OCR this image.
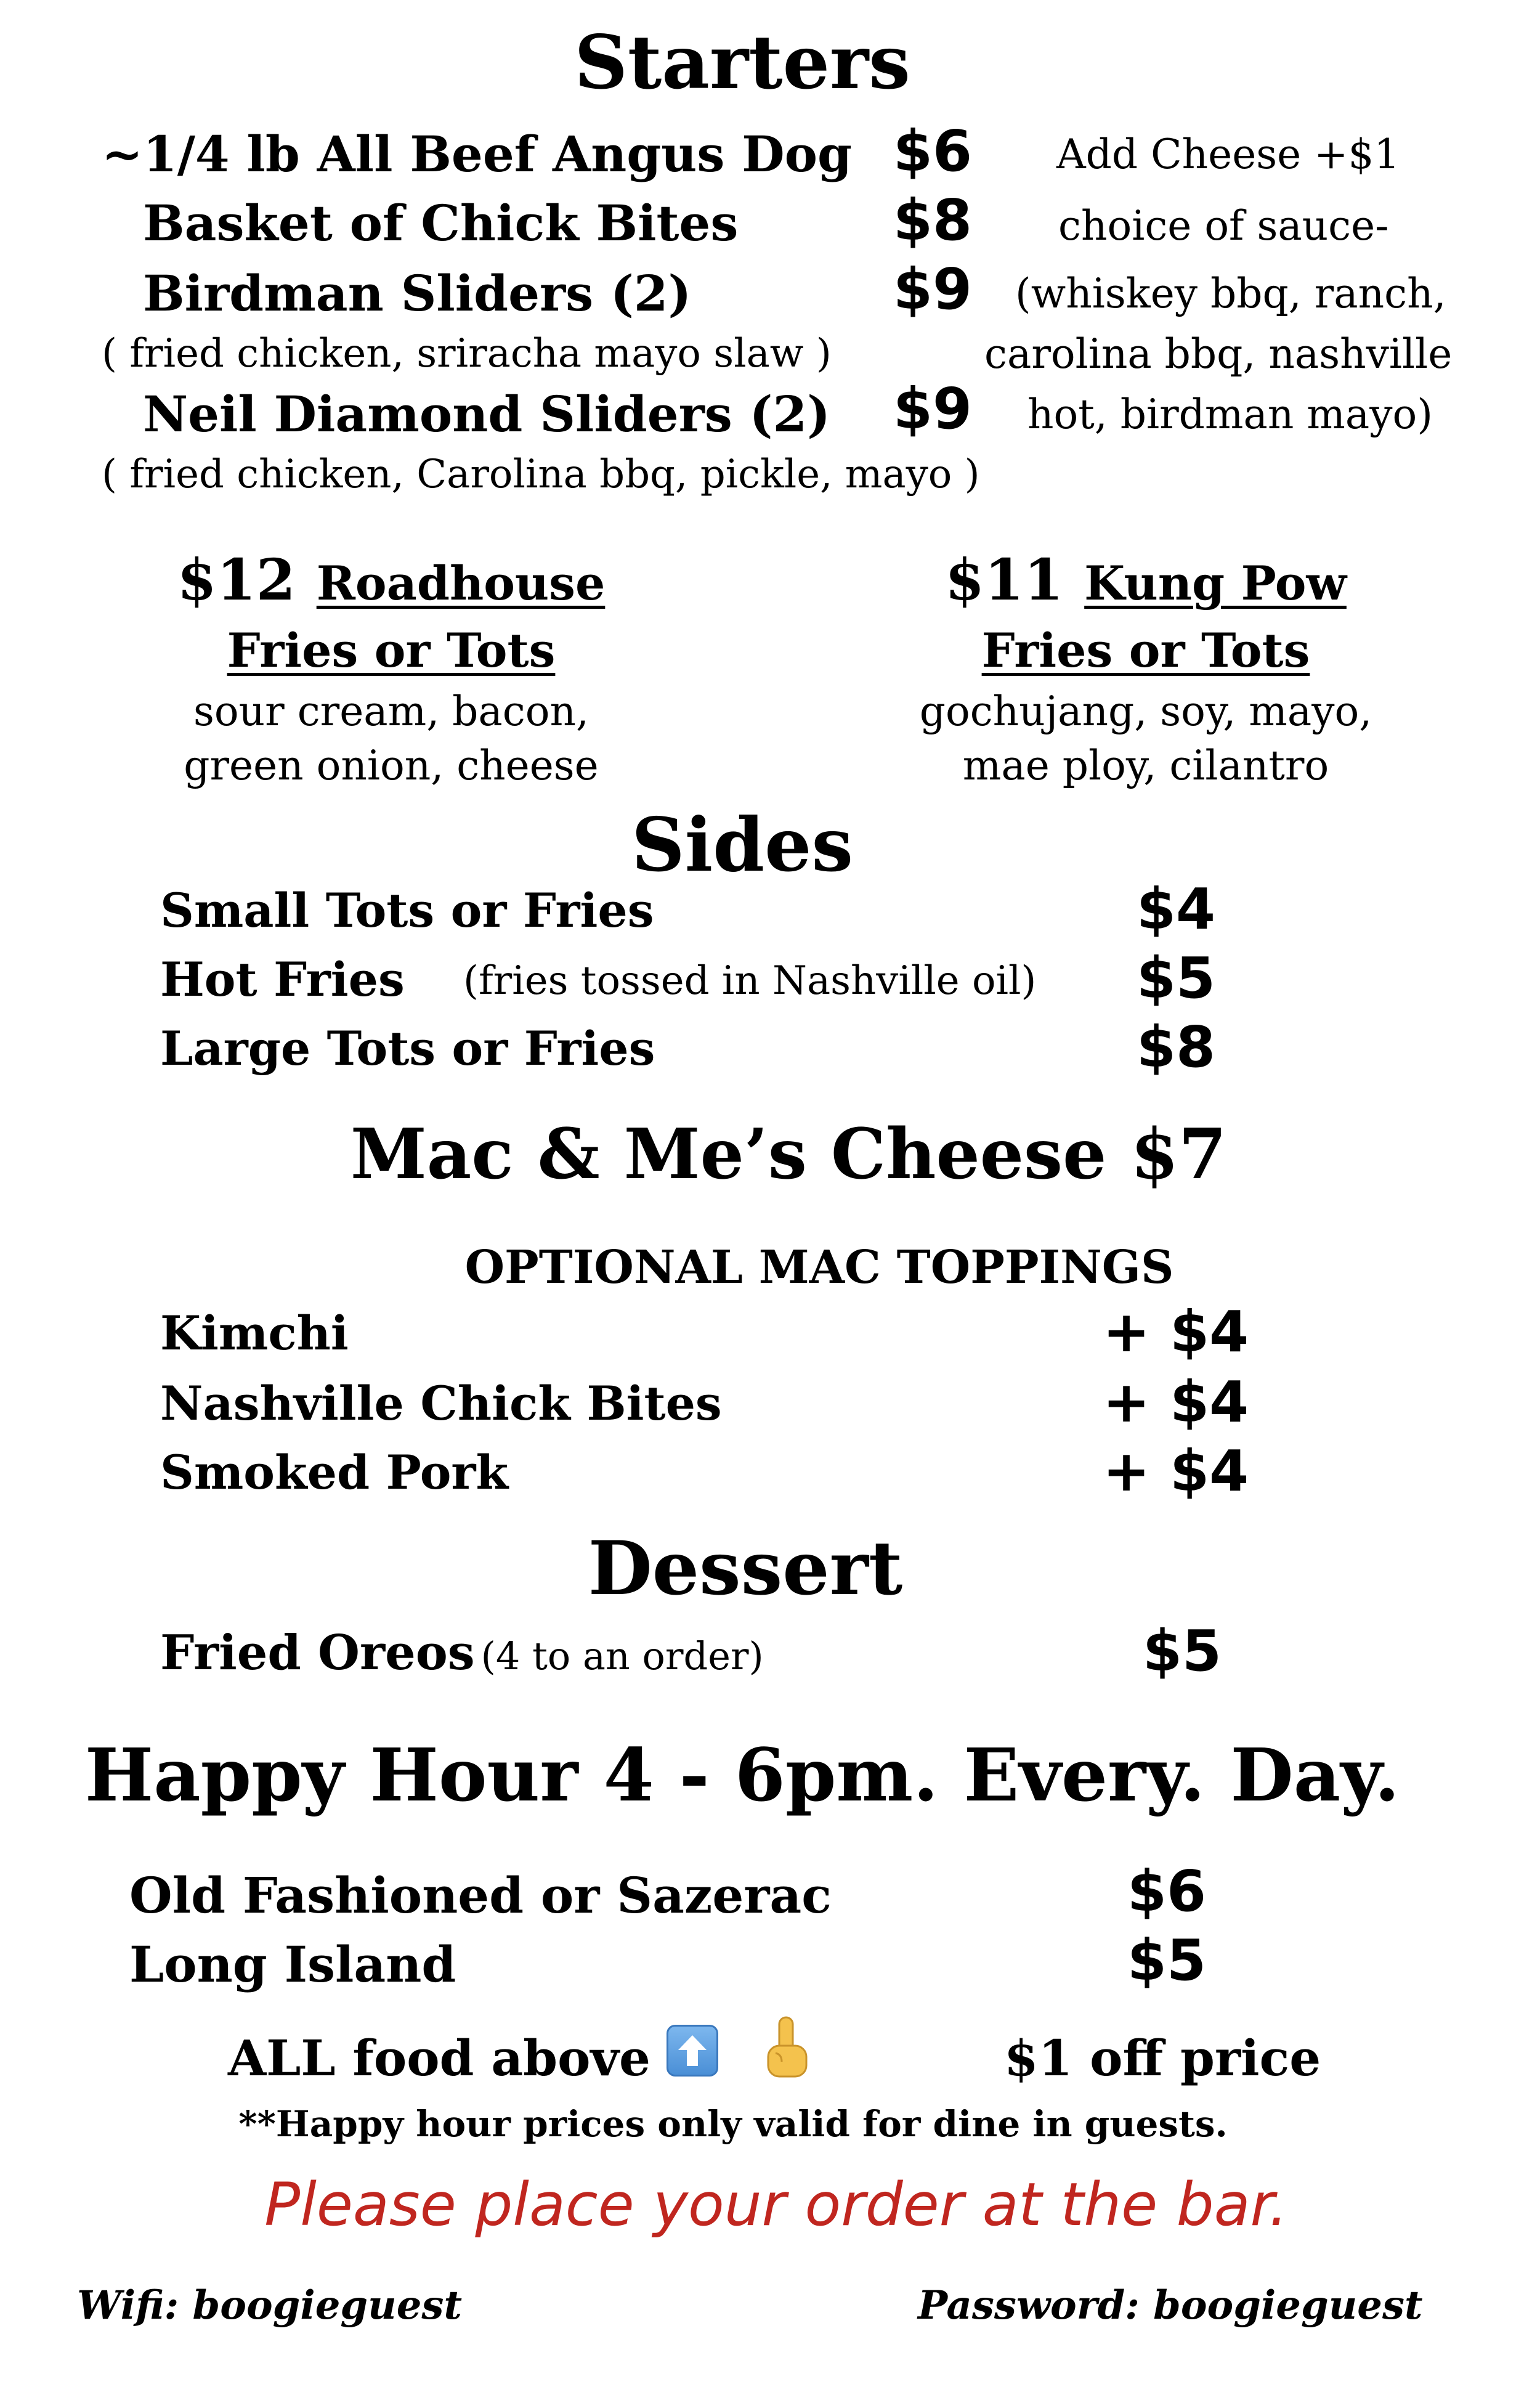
Starters
~1/4 lb All Beef Angus Dog $6 Add Cheese +$1
Basket of Chick Bites	$8 choice of sauce-
Birdman Sliders (2)	$9 (whiskey bbq, ranch,
( fried chicken, sriracha mayo slaw )	carolina bbq, nashville
Neil Diamond Sliders (2) $9 hot, birdman mayo)
( fried chicken, Carolina bbq, pickle, mayo )
$12 Roadhouse
Fries or Tots
sour cream, bacon,
green onion, cheese
$11 Kung Pow
Fries or Tots
gochujang, soy, mayo,
mae ploy, cilantro
Sides
Small Tots or Fries	$4
Hot Fries (fries tossed in Nashville oil) $5
Large Tots or Fries	$8
Mac & Me’s Cheese $7
OPTIONAL MAC TOPPINGS
Kimchi	+ $4
Nashville Chick Bites	+ $4
Smoked Pork	+ $4
Dessert
Fried Oreos (4 to an order)	$5
Happy Hour 4 - 6pm. Every. Day.
Old Fashioned or Sazerac	$6
Long Island	$5
ALL food above	$1 off price
**Happy hour prices only valid for dine in guests.
Please place your order at the bar.
Wifi: boogieguest	Password: boogieguest
